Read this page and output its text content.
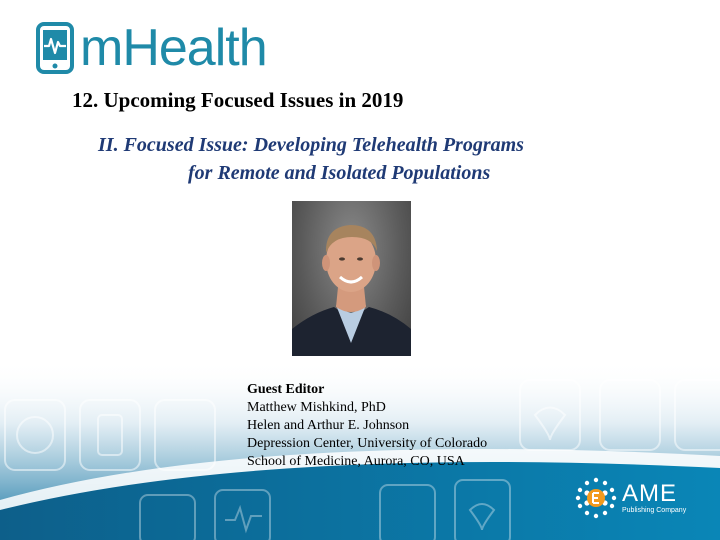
mHealth
12. Upcoming Focused Issues in 2019
II. Focused Issue: Developing Telehealth Programs
for Remote and Isolated Populations
Guest Editor
Matthew Mishkind, PhD
Helen and Arthur E. Johnson
Depression Center, University of Colorado
School of Medicine, Aurora, CO, USA
AME
Publishing Company
